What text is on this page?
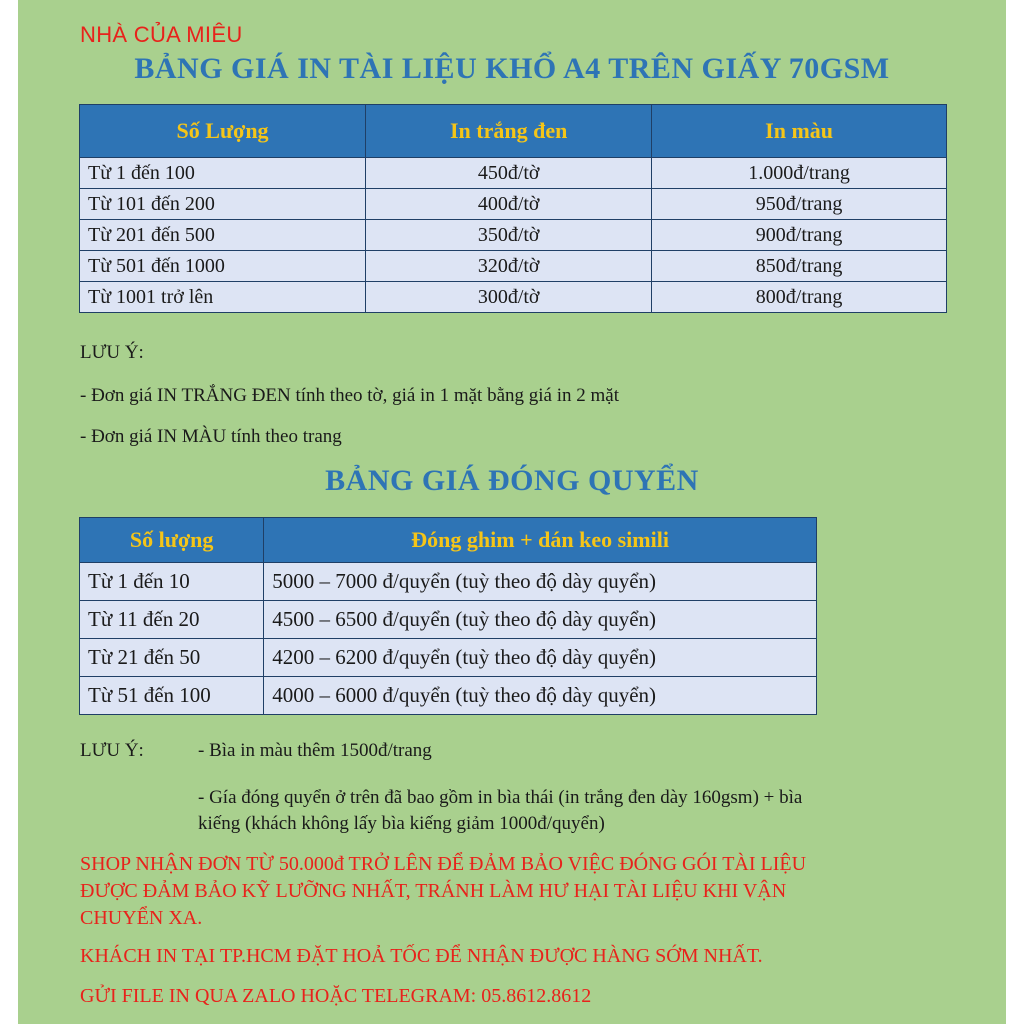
NHÀ CỦA MIÊU
BẢNG GIÁ IN TÀI LIỆU KHỔ A4 TRÊN GIẤY 70GSM
Số Lượng	In trắng đen	In màu
Từ 1 đến 100	450đ/tờ	1.000đ/trang
Từ 101 đến 200	400đ/tờ	950đ/trang
Từ 201 đến 500	350đ/tờ	900đ/trang
Từ 501 đến 1000	320đ/tờ	850đ/trang
Từ 1001 trở lên	300đ/tờ	800đ/trang
LƯU Ý:
- Đơn giá IN TRẮNG ĐEN tính theo tờ, giá in 1 mặt bằng giá in 2 mặt
- Đơn giá IN MÀU tính theo trang
BẢNG GIÁ ĐÓNG QUYỂN
Số lượng	Đóng ghim + dán keo simili
Từ 1 đến 10	5000 – 7000 đ/quyển (tuỳ theo độ dày quyển)
Từ 11 đến 20	4500 – 6500 đ/quyển (tuỳ theo độ dày quyển)
Từ 21 đến 50	4200 – 6200 đ/quyển (tuỳ theo độ dày quyển)
Từ 51 đến 100	4000 – 6000 đ/quyển (tuỳ theo độ dày quyển)
LƯU Ý:	- Bìa in màu thêm 1500đ/trang
- Gía đóng quyển ở trên đã bao gồm in bìa thái (in trắng đen dày 160gsm) + bìa
kiếng (khách không lấy bìa kiếng giảm 1000đ/quyển)
SHOP NHẬN ĐƠN TỪ 50.000đ TRỞ LÊN ĐỂ ĐẢM BẢO VIỆC ĐÓNG GÓI TÀI LIỆU
ĐƯỢC ĐẢM BẢO KỸ LƯỠNG NHẤT, TRÁNH LÀM HƯ HẠI TÀI LIỆU KHI VẬN
CHUYỂN XA.
KHÁCH IN TẠI TP.HCM ĐẶT HOẢ TỐC ĐỂ NHẬN ĐƯỢC HÀNG SỚM NHẤT.
GỬI FILE IN QUA ZALO HOẶC TELEGRAM: 05.8612.8612
